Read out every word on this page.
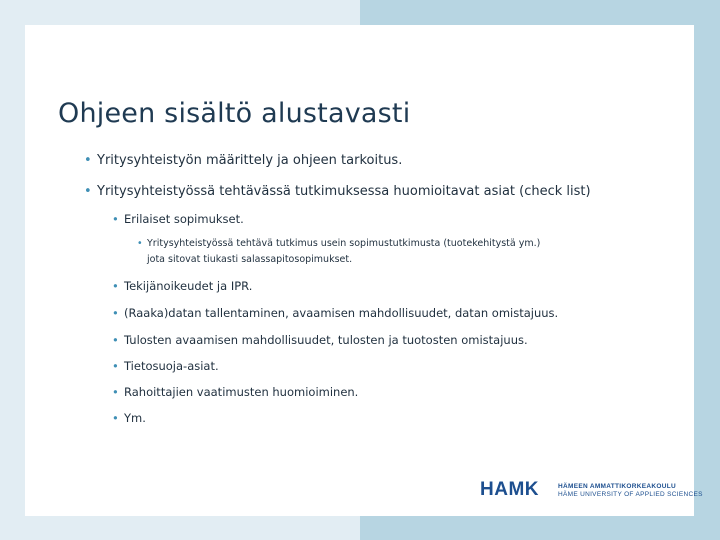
Ohjeen sisältö alustavasti
• Yritysyhteistyön määrittely ja ohjeen tarkoitus.
• Yritysyhteistyössä tehtävässä tutkimuksessa huomioitavat asiat (check list)
• Erilaiset sopimukset.
• Yritysyhteistyössä tehtävä tutkimus usein sopimustutkimusta (tuotekehitystä ym.)
jota sitovat tiukasti salassapitosopimukset.
• Tekijänoikeudet ja IPR.
• (Raaka)datan tallentaminen, avaamisen mahdollisuudet, datan omistajuus.
• Tulosten avaamisen mahdollisuudet, tulosten ja tuotosten omistajuus.
• Tietosuoja-asiat.
• Rahoittajien vaatimusten huomioiminen.
• Ym.
HAMK	HÄMEEN AMMATTIKORKEAKOULU
HÄME UNIVERSITY OF APPLIED SCIENCES
